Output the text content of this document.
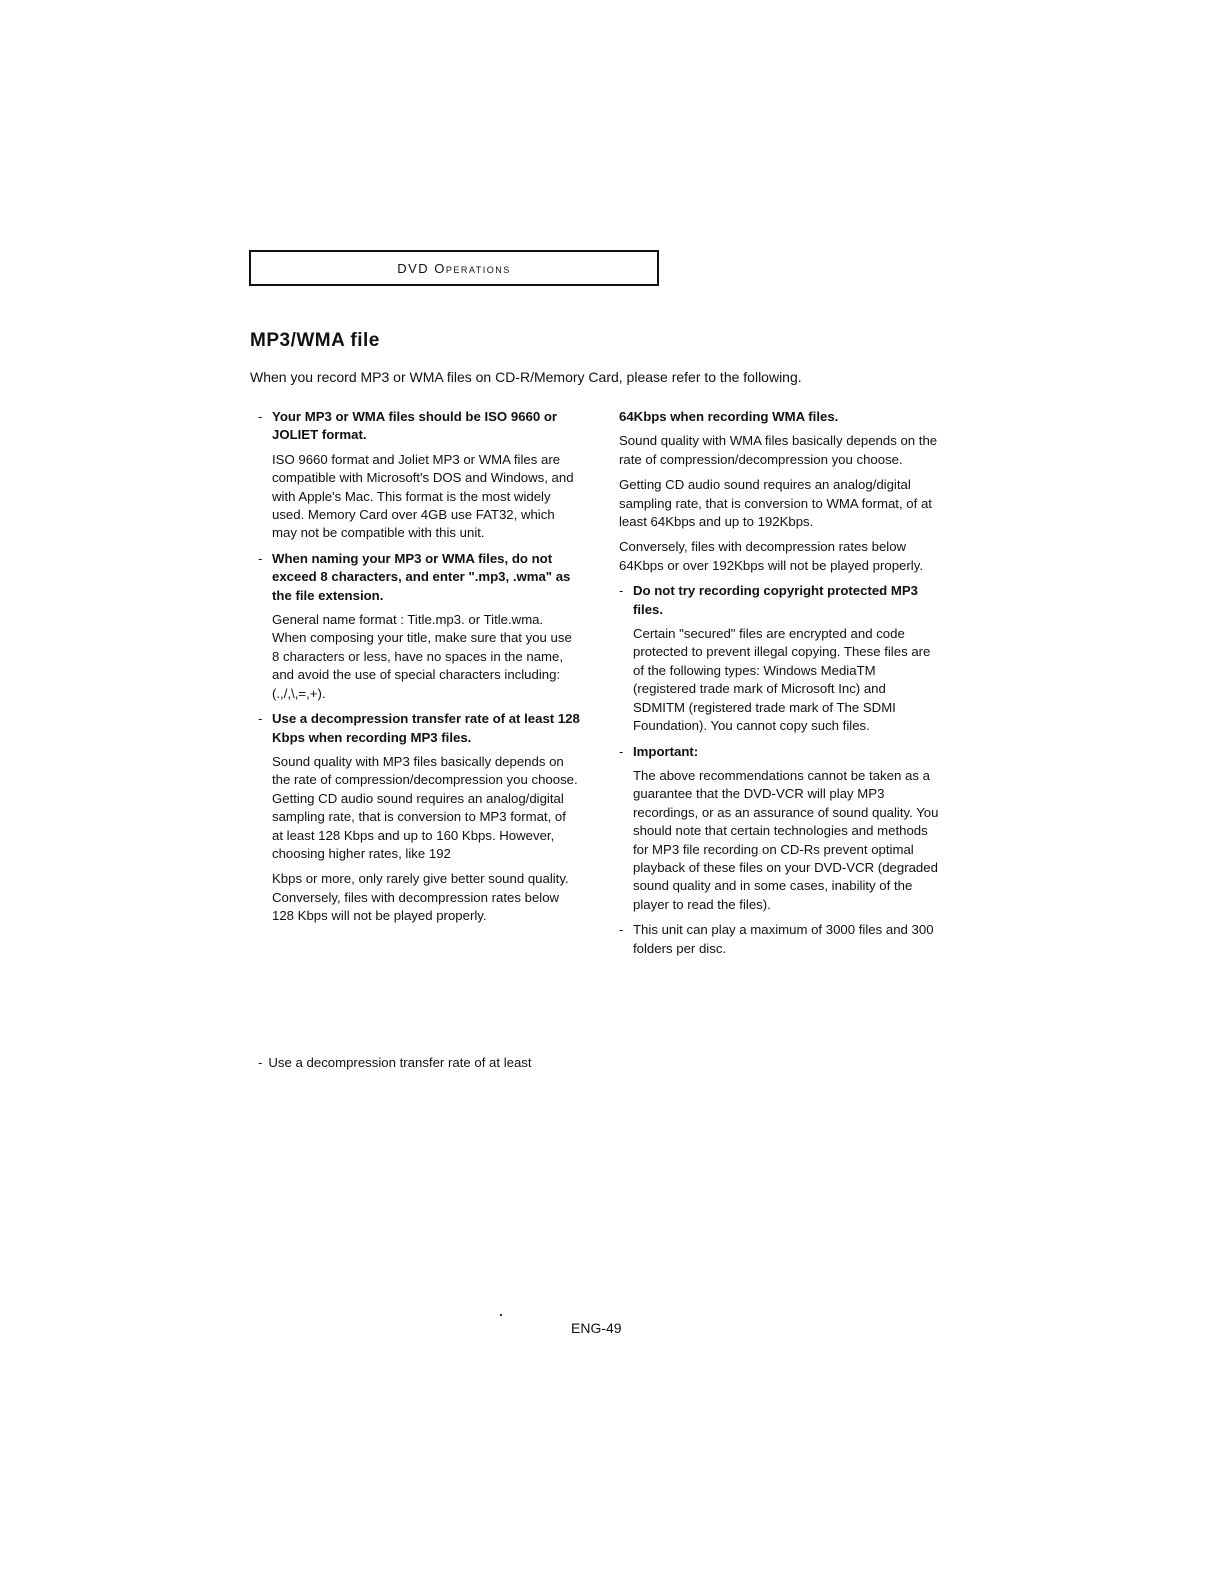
DVD Operations
MP3/WMA file
When you record MP3 or WMA files on CD-R/Memory Card, please refer to the following.
- Your MP3 or WMA files should be ISO 9660 or JOLIET format.

ISO 9660 format and Joliet MP3 or WMA files are compatible with Microsoft's DOS and Windows, and with Apple's Mac. This format is the most widely used. Memory Card over 4GB use FAT32, which may not be compatible with this unit.

- When naming your MP3 or WMA files, do not exceed 8 characters, and enter ".mp3, .wma" as the file extension.

General name format : Title.mp3. or Title.wma. When composing your title, make sure that you use 8 characters or less, have no spaces in the name, and avoid the use of special characters including: (.,/,\,=,+).

- Use a decompression transfer rate of at least 128 Kbps when recording MP3 files.

Sound quality with MP3 files basically depends on the rate of compression/decompression you choose. Getting CD audio sound requires an analog/digital sampling rate, that is conversion to MP3 format, of at least 128 Kbps and up to 160 Kbps. However, choosing higher rates, like 192

Kbps or more, only rarely give better sound quality. Conversely, files with decompression rates below 128 Kbps will not be played properly.

64Kbps when recording WMA files.

Sound quality with WMA files basically depends on the rate of compression/decompression you choose.

Getting CD audio sound requires an analog/digital sampling rate, that is conversion to WMA format, of at least 64Kbps and up to 192Kbps.

Conversely, files with decompression rates below 64Kbps or over 192Kbps will not be played properly.

- Do not try recording copyright protected MP3 files.

Certain "secured" files are encrypted and code protected to prevent illegal copying. These files are of the following types: Windows MediaTM (registered trade mark of Microsoft Inc) and SDMITM (registered trade mark of The SDMI Foundation). You cannot copy such files.

- Important:

The above recommendations cannot be taken as a guarantee that the DVD-VCR will play MP3 recordings, or as an assurance of sound quality. You should note that certain technologies and methods for MP3 file recording on CD-Rs prevent optimal playback of these files on your DVD-VCR (degraded sound quality and in some cases, inability of the player to read the files).

- This unit can play a maximum of 3000 files and 300 folders per disc.
- Use a decompression transfer rate of at least
ENG-49
